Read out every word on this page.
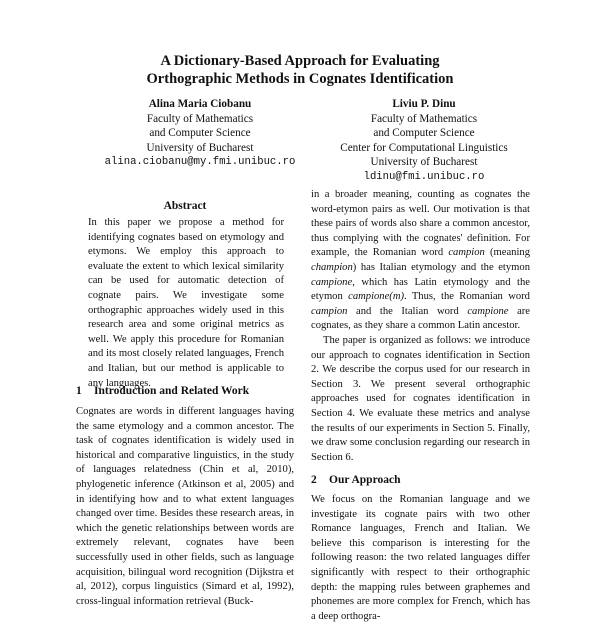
A Dictionary-Based Approach for Evaluating
Orthographic Methods in Cognates Identification
Alina Maria Ciobanu
Faculty of Mathematics
and Computer Science
University of Bucharest
alina.ciobanu@my.fmi.unibuc.ro
Liviu P. Dinu
Faculty of Mathematics
and Computer Science
Center for Computational Linguistics
University of Bucharest
ldinu@fmi.unibuc.ro
Abstract

In this paper we propose a method for identifying cognates based on etymology and etymons. We employ this approach to evaluate the extent to which lexical similarity can be used for automatic detection of cognate pairs. We investigate some orthographic approaches widely used in this research area and some original metrics as well. We apply this procedure for Romanian and its most closely related languages, French and Italian, but our method is applicable to any languages.

1 Introduction and Related Work

Cognates are words in different languages having the same etymology and a common ancestor. The task of cognates identification is widely used in historical and comparative linguistics, in the study of languages relatedness (Chin et al, 2010), phylogenetic inference (Atkinson et al, 2005) and in identifying how and to what extent languages changed over time. Besides these research areas, in which the genetic relationships between words are extremely relevant, cognates have been successfully used in other fields, such as language acquisition, bilingual word recognition (Dijkstra et al, 2012), corpus linguistics (Simard et al, 1992), cross-lingual information retrieval (Buck-

in a broader meaning, counting as cognates the word-etymon pairs as well. Our motivation is that these pairs of words also share a common ancestor, thus complying with the cognates' definition. For example, the Romanian word campion (meaning champion) has Italian etymology and the etymon campione, which has Latin etymology and the etymon campione(m). Thus, the Romanian word campion and the Italian word campione are cognates, as they share a common Latin ancestor.

The paper is organized as follows: we introduce our approach to cognates identification in Section 2. We describe the corpus used for our research in Section 3. We present several orthographic approaches used for cognates identification in Section 4. We evaluate these metrics and analyse the results of our experiments in Section 5. Finally, we draw some conclusion regarding our research in Section 6.

2 Our Approach

We focus on the Romanian language and we investigate its cognate pairs with two other Romance languages, French and Italian. We believe this comparison is interesting for the following reason: the two related languages differ significantly with respect to their orthographic depth: the mapping rules between graphemes and phonemes are more complex for French, which has a deep orthogra-
